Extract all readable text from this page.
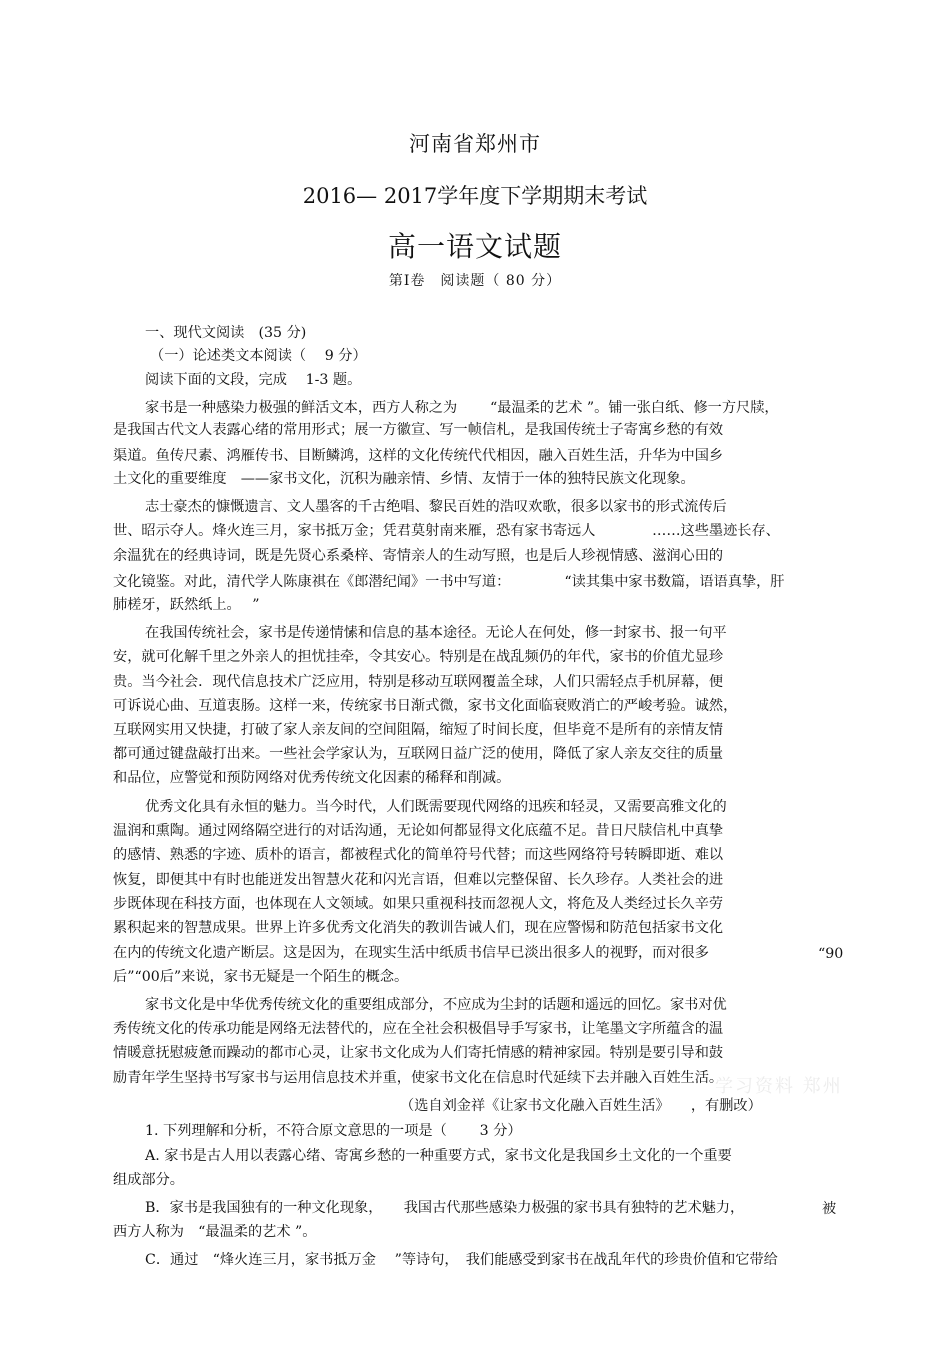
河南省郑州市
2016— 2017学年度下学期期末考试
高一语文试题
第Ⅰ卷　阅读题（ 80 分）
一、现代文阅读　(35 分)
（一）论述类文本阅读（　 9 分）
阅读下面的文段，完成　 1-3 题。
家书是一种感染力极强的鲜活文本，西方人称之为　　 “最温柔的艺术 ”。铺一张白纸、修一方尺牍，
是我国古代文人表露心绪的常用形式；展一方徽宣、写一帧信札，是我国传统士子寄寓乡愁的有效
渠道。鱼传尺素、鸿雁传书、目断鳞鸿，这样的文化传统代代相因，融入百姓生活，升华为中国乡
土文化的重要维度　——家书文化，沉积为融亲情、乡情、友情于一体的独特民族文化现象。
志士豪杰的慷慨遗言、文人墨客的千古绝唱、黎民百姓的浩叹欢歌，很多以家书的形式流传后
世、昭示夺人。烽火连三月，家书抵万金；凭君莫射南来雁，恐有家书寄远人　　　　……这些墨迹长存、
余温犹在的经典诗词，既是先贤心系桑梓、寄情亲人的生动写照，也是后人珍视情感、滋润心田的
文化镜鉴。对此，清代学人陈康祺在《郎潜纪闻》一书中写道：　　　　 “读其集中家书数篇，语语真挚，肝
肺槎牙，跃然纸上。　 ”
在我国传统社会，家书是传递情愫和信息的基本途径。无论人在何处，修一封家书、报一句平
安，就可化解千里之外亲人的担忧挂牵，令其安心。特别是在战乱频仍的年代，家书的价值尤显珍
贵。当今社会．现代信息技术广泛应用，特别是移动互联网覆盖全球，人们只需轻点手机屏幕，便
可诉说心曲、互道衷肠。这样一来，传统家书日渐式微，家书文化面临衰败消亡的严峻考验。诚然，
互联网实用又快捷，打破了家人亲友间的空间阻隔，缩短了时间长度，但毕竟不是所有的亲情友情
都可通过键盘敲打出来。一些社会学家认为，互联网日益广泛的使用，降低了家人亲友交往的质量
和品位，应警觉和预防网络对优秀传统文化因素的稀释和削减。
优秀文化具有永恒的魅力。当今时代，人们既需要现代网络的迅疾和轻灵，又需要高雅文化的
温润和熏陶。通过网络隔空进行的对话沟通，无论如何都显得文化底蕴不足。昔日尺牍信札中真挚
的感情、熟悉的字迹、质朴的语言，都被程式化的简单符号代替；而这些网络符号转瞬即逝、难以
恢复，即便其中有时也能迸发出智慧火花和闪光言语，但难以完整保留、长久珍存。人类社会的进
步既体现在科技方面，也体现在人文领域。如果只重视科技而忽视人文，将危及人类经过长久辛劳
累积起来的智慧成果。世界上许多优秀文化消失的教训告诫人们，现在应警惕和防范包括家书文化
在内的传统文化遗产断层。这是因为，在现实生活中纸质书信早已淡出很多人的视野，而对很多	“90
后”“00后”来说，家书无疑是一个陌生的概念。
家书文化是中华优秀传统文化的重要组成部分，不应成为尘封的话题和遥远的回忆。家书对优
秀传统文化的传承功能是网络无法替代的，应在全社会积极倡导手写家书，让笔墨文字所蕴含的温
情暖意抚慰疲惫而躁动的都市心灵，让家书文化成为人们寄托情感的精神家园。特别是要引导和鼓
励青年学生坚持书写家书与运用信息技术并重，使家书文化在信息时代延续下去并融入百姓生活。
（选自刘金祥《让家书文化融入百姓生活》　　，有删改）
1. 下列理解和分析，不符合原文意思的一项是（　　 3 分）
A. 家书是古人用以表露心绪、寄寓乡愁的一种重要方式，家书文化是我国乡土文化的一个重要
组成部分。
B．家书是我国独有的一种文化现象，　　我国古代那些感染力极强的家书具有独特的艺术魅力，	被
西方人称为　“最温柔的艺术 ”。
C．通过　“烽火连三月，家书抵万金　 ”等诗句，　我们能感受到家书在战乱年代的珍贵价值和它带给
学习资料 郑州
